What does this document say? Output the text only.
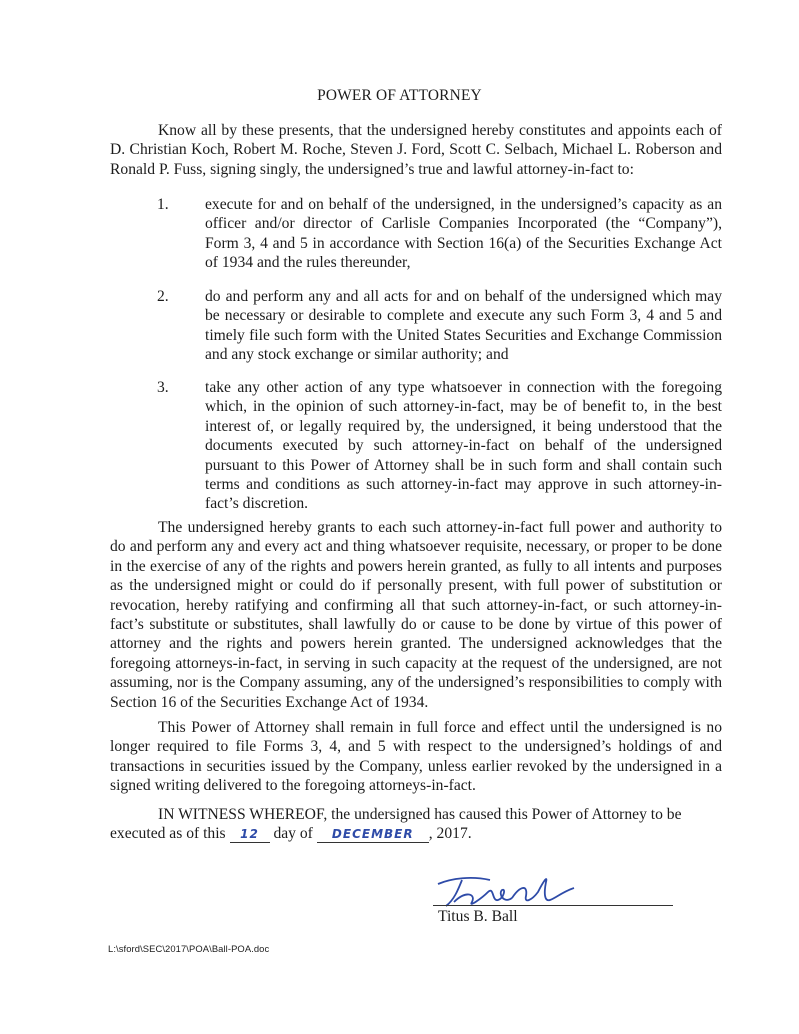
POWER OF ATTORNEY
Know all by these presents, that the undersigned hereby constitutes and appoints each of D. Christian Koch, Robert M. Roche, Steven J. Ford, Scott C. Selbach, Michael L. Roberson and Ronald P. Fuss, signing singly, the undersigned’s true and lawful attorney-in-fact to:
1. execute for and on behalf of the undersigned, in the undersigned’s capacity as an officer and/or director of Carlisle Companies Incorporated (the “Company”), Form 3, 4 and 5 in accordance with Section 16(a) of the Securities Exchange Act of 1934 and the rules thereunder,
2. do and perform any and all acts for and on behalf of the undersigned which may be necessary or desirable to complete and execute any such Form 3, 4 and 5 and timely file such form with the United States Securities and Exchange Commission and any stock exchange or similar authority; and
3. take any other action of any type whatsoever in connection with the foregoing which, in the opinion of such attorney-in-fact, may be of benefit to, in the best interest of, or legally required by, the undersigned, it being understood that the documents executed by such attorney-in-fact on behalf of the undersigned pursuant to this Power of Attorney shall be in such form and shall contain such terms and conditions as such attorney-in-fact may approve in such attorney-in-fact’s discretion.
The undersigned hereby grants to each such attorney-in-fact full power and authority to do and perform any and every act and thing whatsoever requisite, necessary, or proper to be done in the exercise of any of the rights and powers herein granted, as fully to all intents and purposes as the undersigned might or could do if personally present, with full power of substitution or revocation, hereby ratifying and confirming all that such attorney-in-fact, or such attorney-in-fact’s substitute or substitutes, shall lawfully do or cause to be done by virtue of this power of attorney and the rights and powers herein granted. The undersigned acknowledges that the foregoing attorneys-in-fact, in serving in such capacity at the request of the undersigned, are not assuming, nor is the Company assuming, any of the undersigned’s responsibilities to comply with Section 16 of the Securities Exchange Act of 1934.
This Power of Attorney shall remain in full force and effect until the undersigned is no longer required to file Forms 3, 4, and 5 with respect to the undersigned’s holdings of and transactions in securities issued by the Company, unless earlier revoked by the undersigned in a signed writing delivered to the foregoing attorneys-in-fact.
IN WITNESS WHEREOF, the undersigned has caused this Power of Attorney to be
executed as of this 12 day of DECEMBER , 2017.
Titus B. Ball
L:\sford\SEC\2017\POA\Ball-POA.doc
